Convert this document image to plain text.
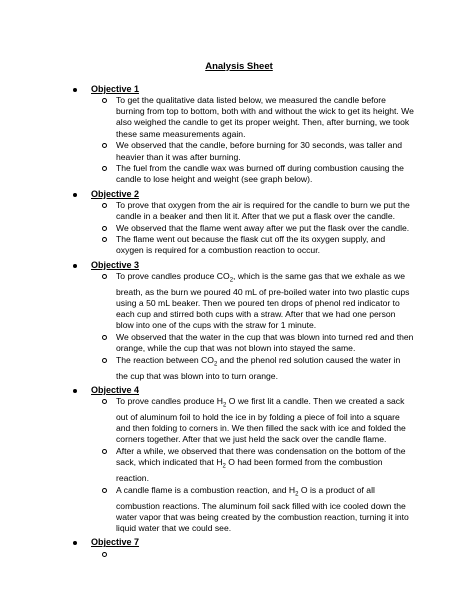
Analysis Sheet
Objective 1
To get the qualitative data listed below, we measured the candle before burning from top to bottom, both with and without the wick to get its height. We also weighed the candle to get its proper weight. Then, after burning, we took these same measurements again.
We observed that the candle, before burning for 30 seconds, was taller and heavier than it was after burning.
The fuel from the candle wax was burned off during combustion causing the candle to lose height and weight (see graph below).
Objective 2
To prove that oxygen from the air is required for the candle to burn we put the candle in a beaker and then lit it. After that we put a flask over the candle.
We observed that the flame went away after we put the flask over the candle.
The flame went out because the flask cut off the its oxygen supply, and oxygen is required for a combustion reaction to occur.
Objective 3
To prove candles produce $CO_2$, which is the same gas that we exhale as we breath, as the burn we poured 40 mL of pre-boiled water into two plastic cups using a 50 mL beaker. Then we poured ten drops of phenol red indicator to each cup and stirred both cups with a straw. After that we had one person blow into one of the cups with the straw for 1 minute.
We observed that the water in the cup that was blown into turned red and then orange, while the cup that was not blown into stayed the same.
The reaction between $CO_2$ and the phenol red solution caused the water in the cup that was blown into to turn orange.
Objective 4
To prove candles produce $H_2$ O we first lit a candle. Then we created a sack out of aluminum foil to hold the ice in by folding a piece of foil into a square and then folding to corners in. We then filled the sack with ice and folded the corners together. After that we just held the sack over the candle flame.
After a while, we observed that there was condensation on the bottom of the sack, which indicated that $H_2$ O had been formed from the combustion reaction.
A candle flame is a combustion reaction, and $H_2$ O is a product of all combustion reactions. The aluminum foil sack filled with ice cooled down the water vapor that was being created by the combustion reaction, turning it into liquid water that we could see.
Objective 7
